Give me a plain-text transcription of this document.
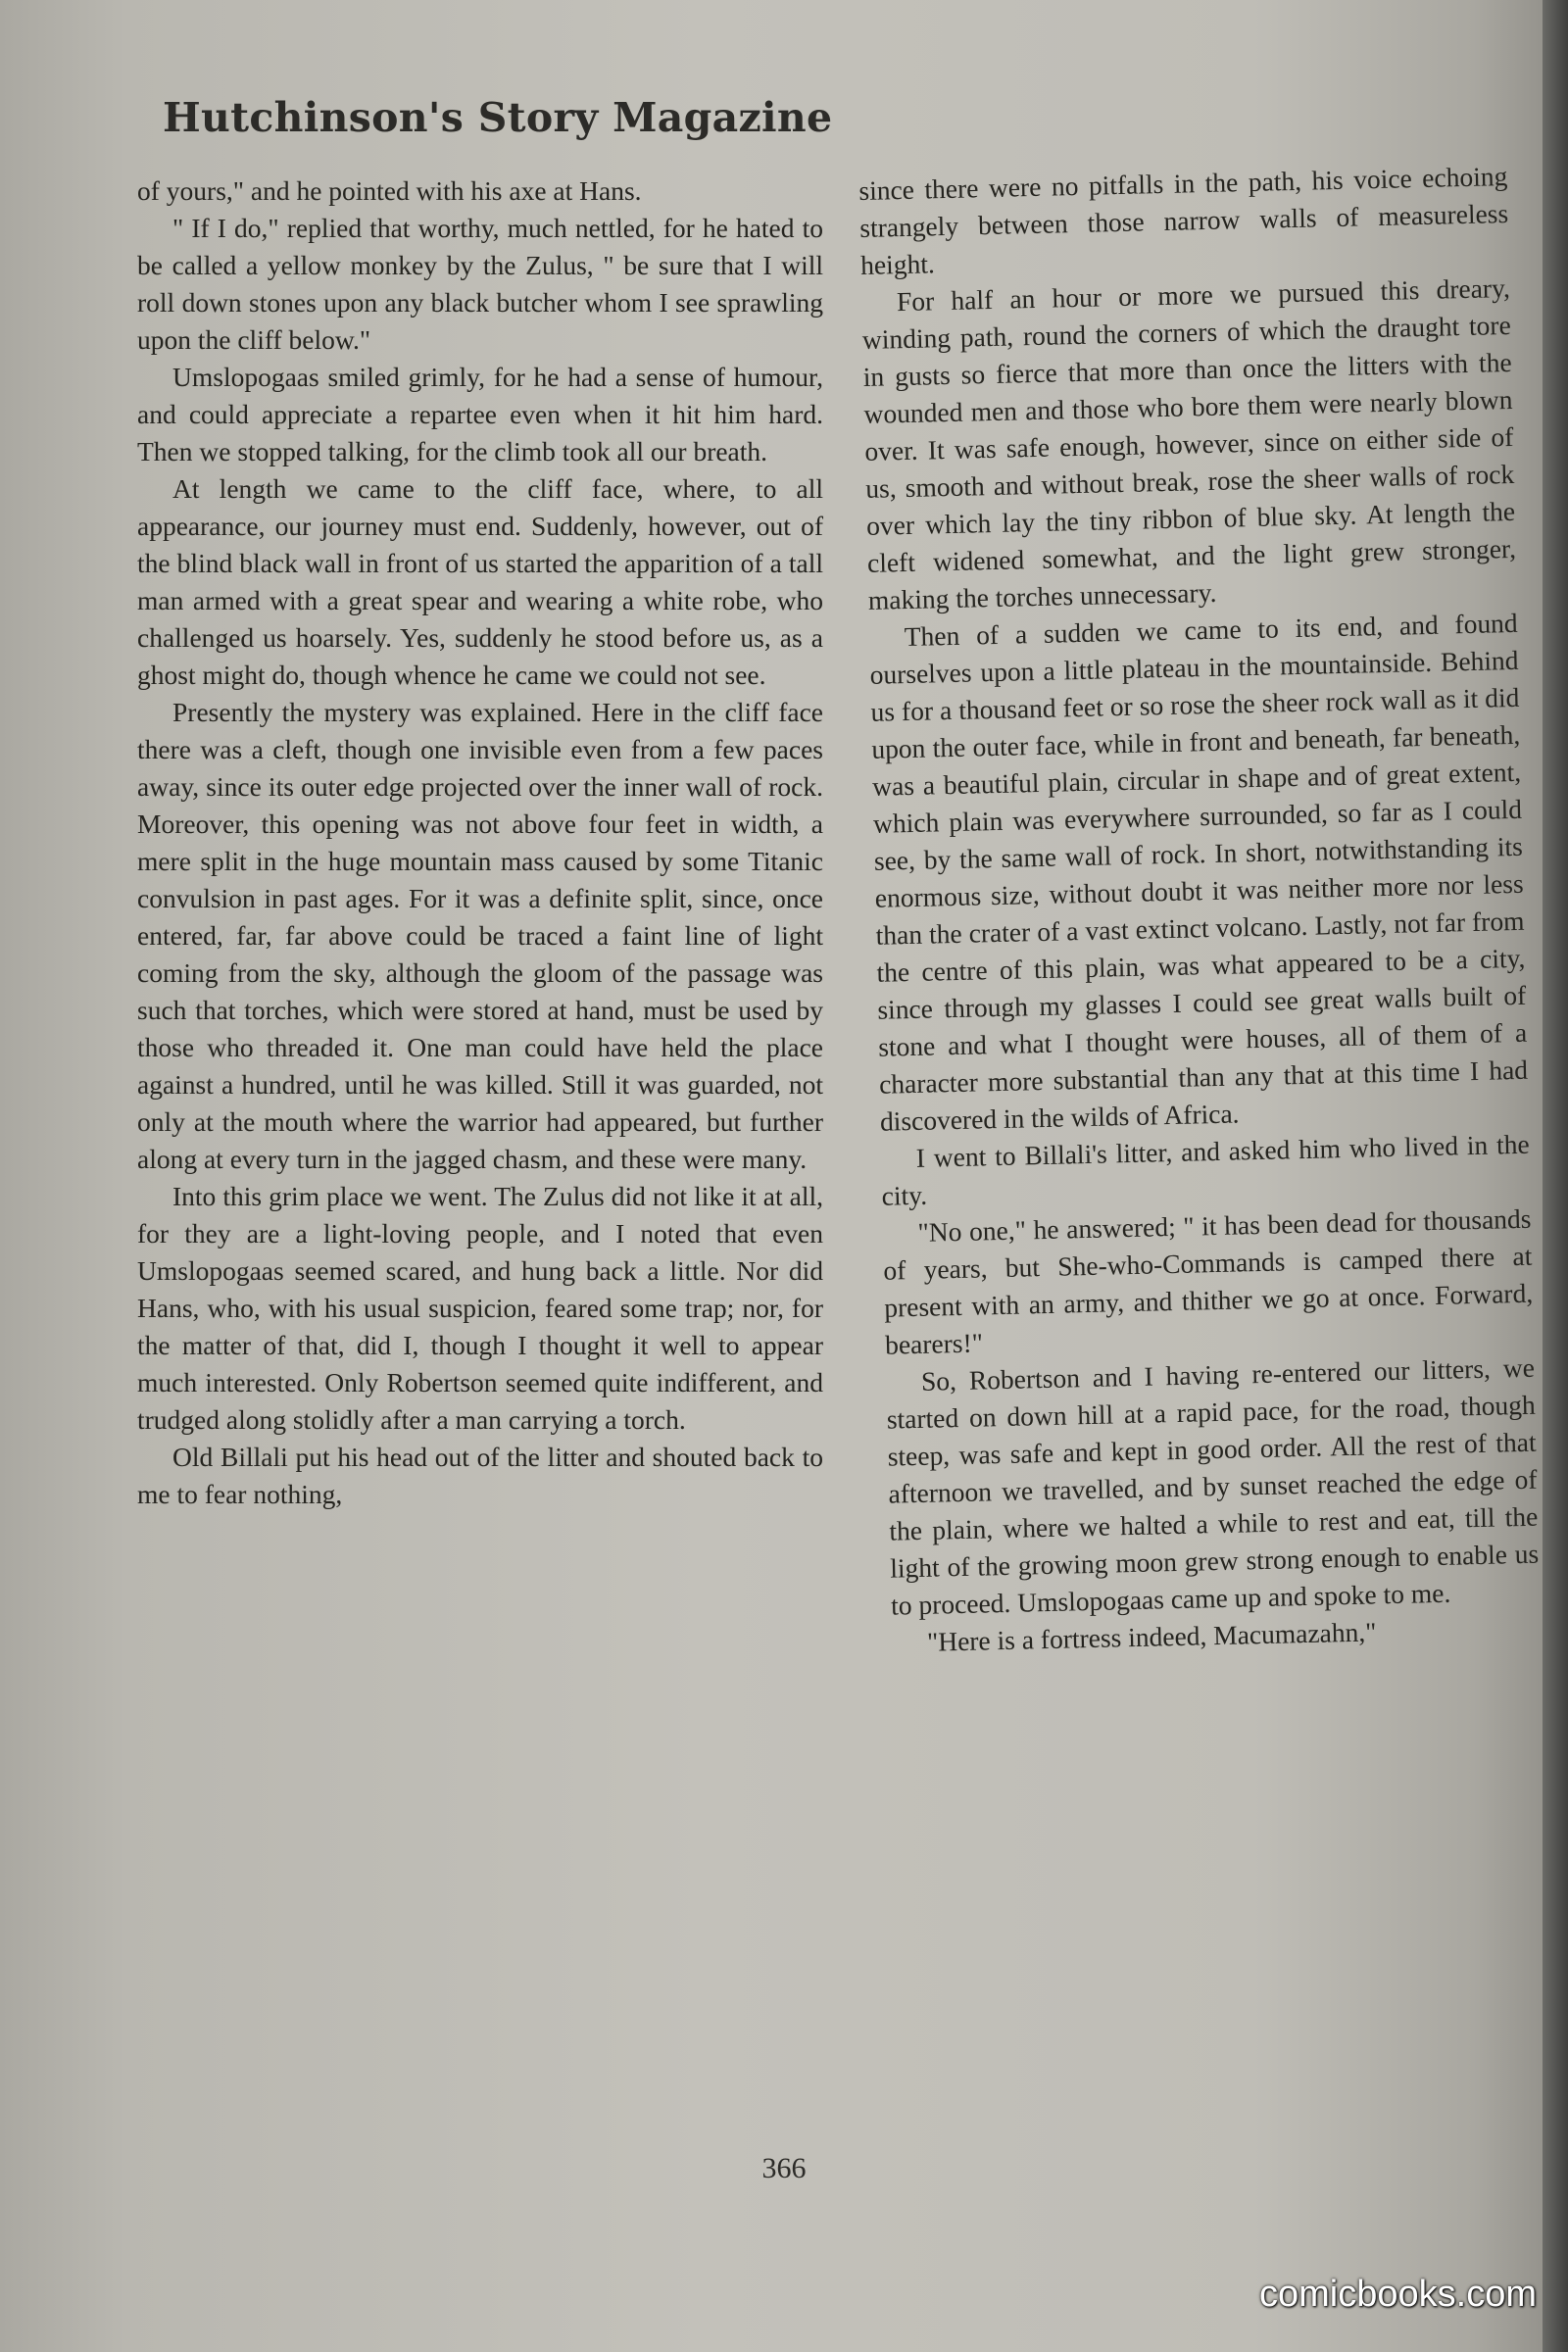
Hutchinson's Story Magazine

of yours," and he pointed with his axe at Hans.

" If I do," replied that worthy, much nettled, for he hated to be called a yellow monkey by the Zulus, " be sure that I will roll down stones upon any black butcher whom I see sprawling upon the cliff below."

Umslopogaas smiled grimly, for he had a sense of humour, and could appreciate a repartee even when it hit him hard. Then we stopped talking, for the climb took all our breath.

At length we came to the cliff face, where, to all appearance, our journey must end. Suddenly, however, out of the blind black wall in front of us started the apparition of a tall man armed with a great spear and wearing a white robe, who challenged us hoarsely. Yes, suddenly he stood before us, as a ghost might do, though whence he came we could not see.

Presently the mystery was explained. Here in the cliff face there was a cleft, though one invisible even from a few paces away, since its outer edge projected over the inner wall of rock. Moreover, this opening was not above four feet in width, a mere split in the huge mountain mass caused by some Titanic convulsion in past ages. For it was a definite split, since, once entered, far, far above could be traced a faint line of light coming from the sky, although the gloom of the passage was such that torches, which were stored at hand, must be used by those who threaded it. One man could have held the place against a hundred, until he was killed. Still it was guarded, not only at the mouth where the warrior had appeared, but further along at every turn in the jagged chasm, and these were many.

Into this grim place we went. The Zulus did not like it at all, for they are a light-loving people, and I noted that even Umslopogaas seemed scared, and hung back a little. Nor did Hans, who, with his usual suspicion, feared some trap; nor, for the matter of that, did I, though I thought it well to appear much interested. Only Robertson seemed quite indifferent, and trudged along stolidly after a man carrying a torch.

Old Billali put his head out of the litter and shouted back to me to fear nothing,

since there were no pitfalls in the path, his voice echoing strangely between those narrow walls of measureless height.

For half an hour or more we pursued this dreary, winding path, round the corners of which the draught tore in gusts so fierce that more than once the litters with the wounded men and those who bore them were nearly blown over. It was safe enough, however, since on either side of us, smooth and without break, rose the sheer walls of rock over which lay the tiny ribbon of blue sky. At length the cleft widened somewhat, and the light grew stronger, making the torches unnecessary.

Then of a sudden we came to its end, and found ourselves upon a little plateau in the mountainside. Behind us for a thousand feet or so rose the sheer rock wall as it did upon the outer face, while in front and beneath, far beneath, was a beautiful plain, circular in shape and of great extent, which plain was everywhere surrounded, so far as I could see, by the same wall of rock. In short, notwithstanding its enormous size, without doubt it was neither more nor less than the crater of a vast extinct volcano. Lastly, not far from the centre of this plain, was what appeared to be a city, since through my glasses I could see great walls built of stone and what I thought were houses, all of them of a character more substantial than any that at this time I had discovered in the wilds of Africa.

I went to Billali's litter, and asked him who lived in the city.

"No one," he answered; " it has been dead for thousands of years, but She-who-Commands is camped there at present with an army, and thither we go at once. Forward, bearers!"

So, Robertson and I having re-entered our litters, we started on down hill at a rapid pace, for the road, though steep, was safe and kept in good order. All the rest of that afternoon we travelled, and by sunset reached the edge of the plain, where we halted a while to rest and eat, till the light of the growing moon grew strong enough to enable us to proceed. Umslopogaas came up and spoke to me.

"Here is a fortress indeed, Macumazahn,"

366
comicbooks.com
